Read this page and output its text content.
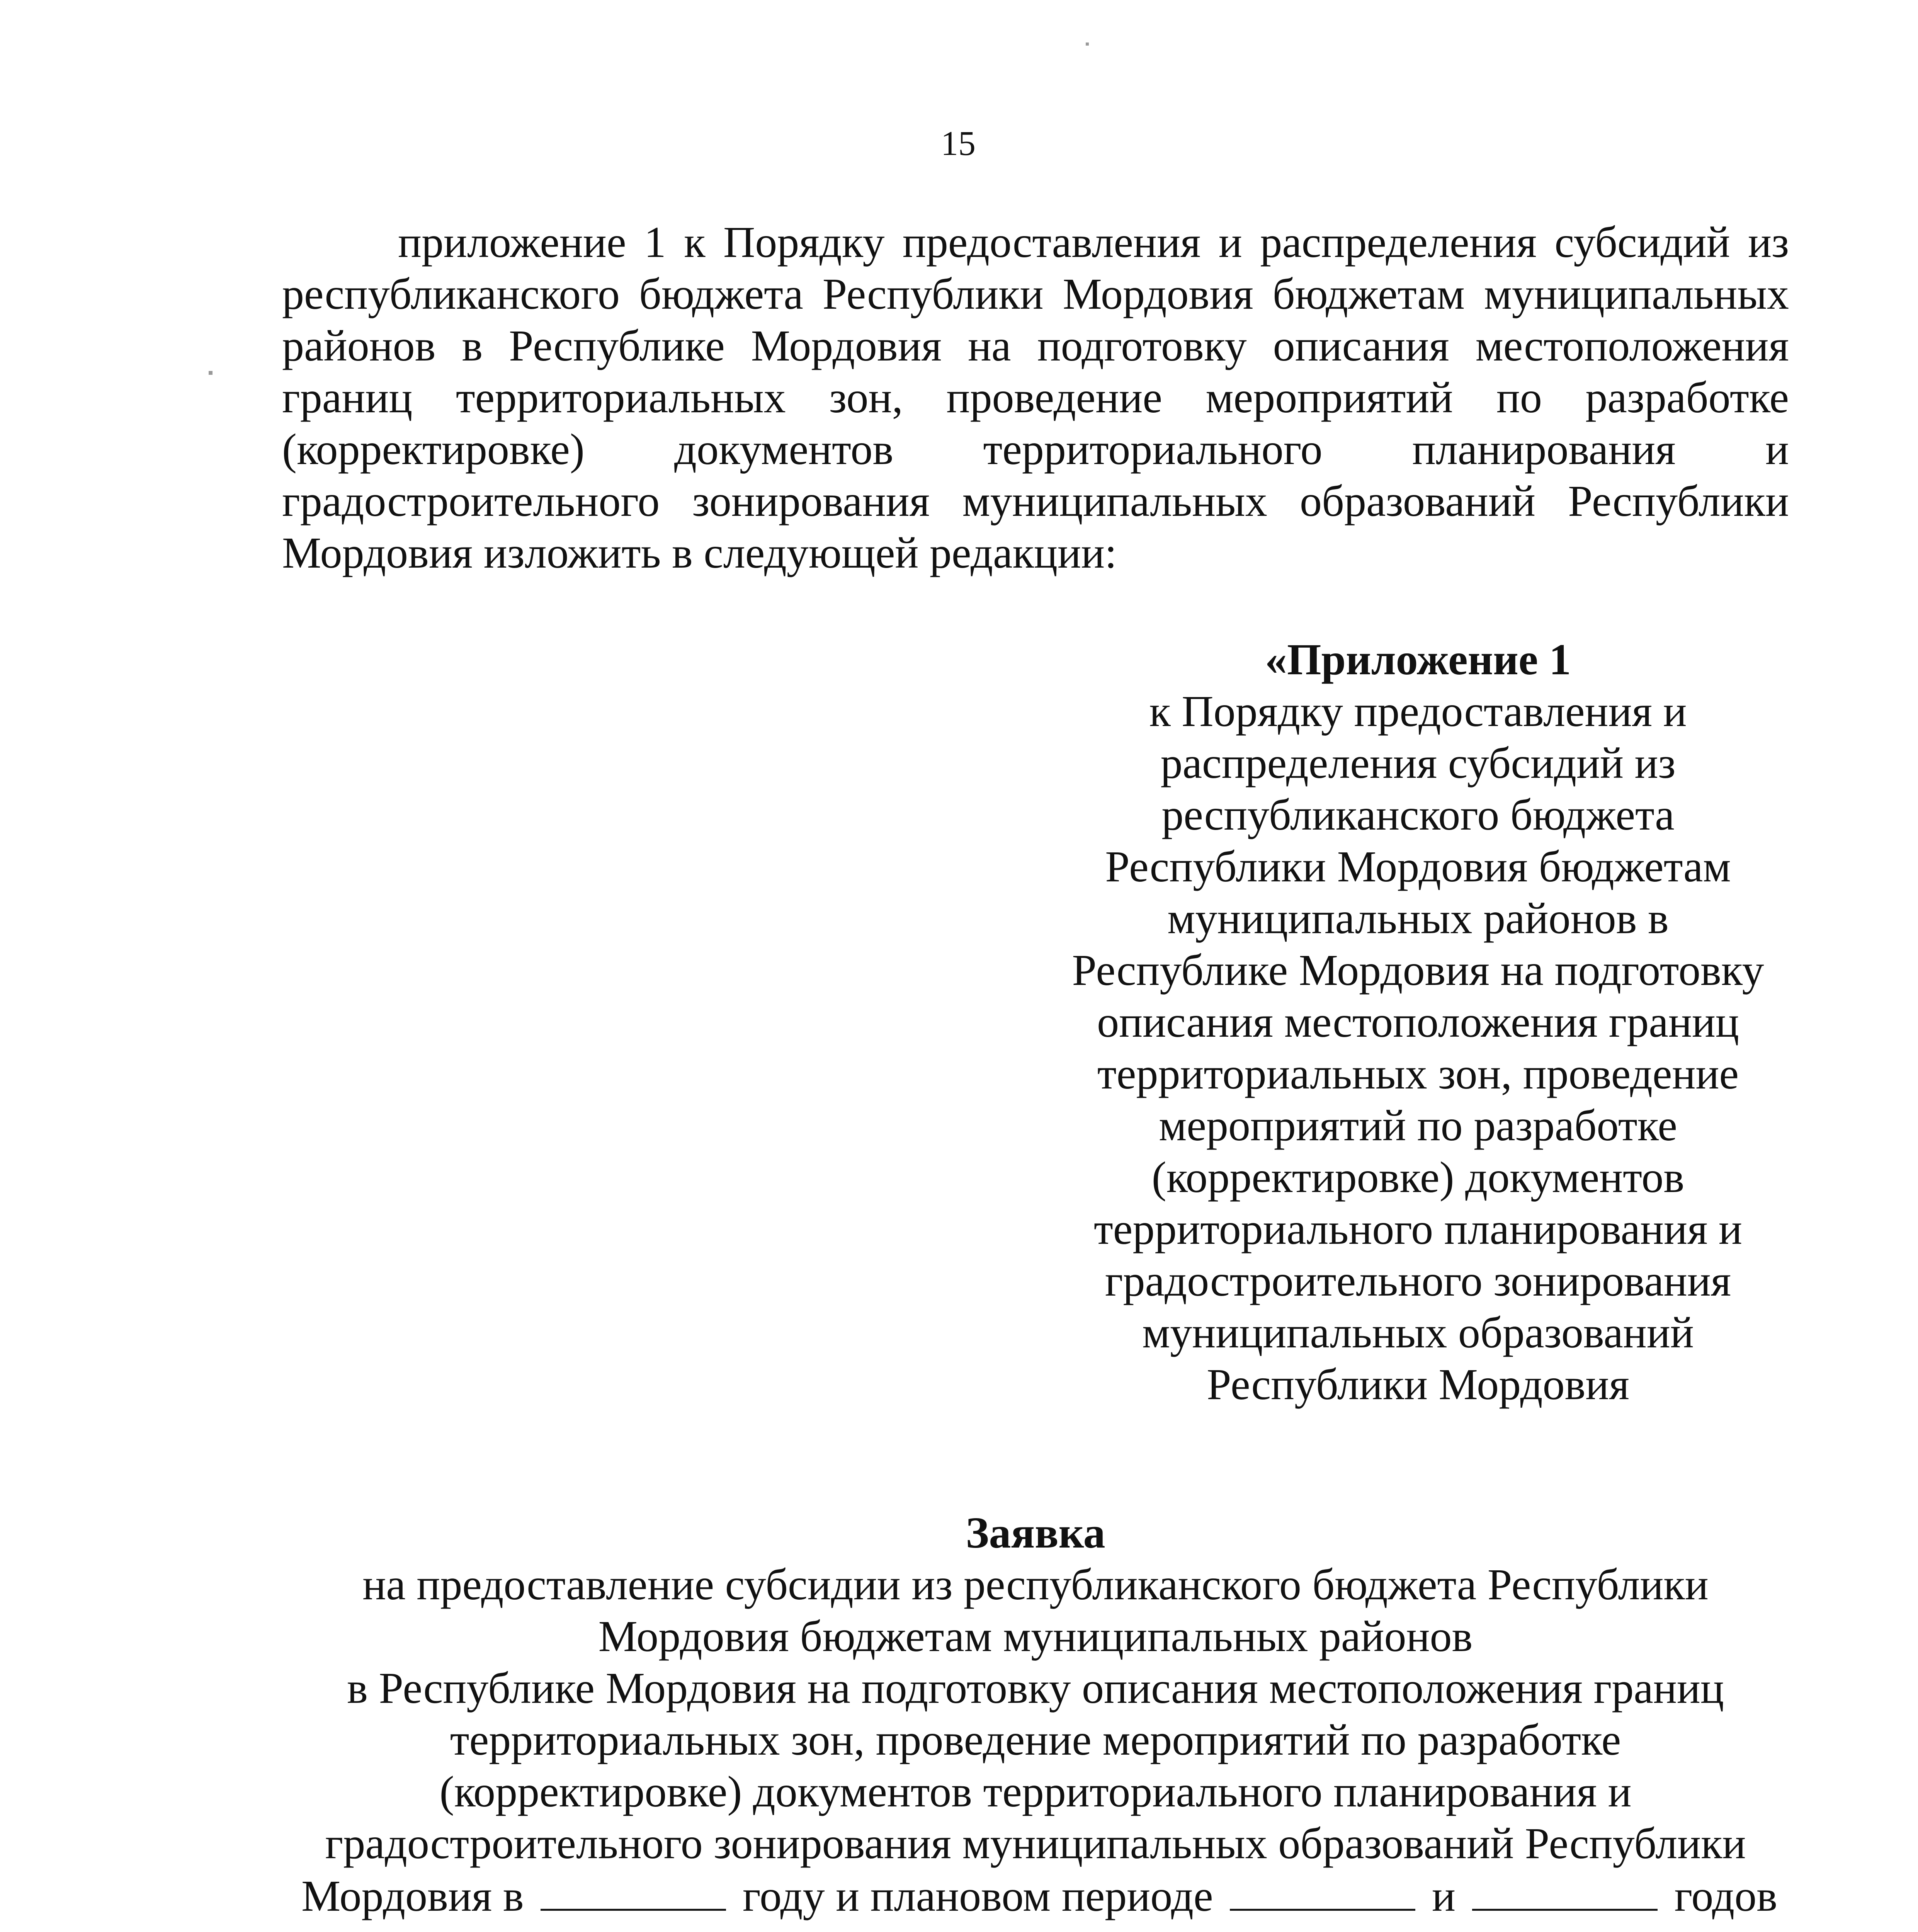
15
приложение 1 к Порядку предоставления и распределения субсидий из республиканского бюджета Республики Мордовия бюджетам муниципальных районов в Республике Мордовия на подготовку описания местоположения границ территориальных зон, проведение мероприятий по разработке (корректировке) документов территориального планирования и градостроительного зонирования муниципальных образований Республики Мордовия изложить в следующей редакции:
«Приложение 1
к Порядку предоставления и
распределения субсидий из
республиканского бюджета
Республики Мордовия бюджетам
муниципальных районов в
Республике Мордовия на подготовку
описания местоположения границ
территориальных зон, проведение
мероприятий по разработке
(корректировке) документов
территориального планирования и
градостроительного зонирования
муниципальных образований
Республики Мордовия
Заявка
на предоставление субсидии из республиканского бюджета Республики
Мордовия бюджетам муниципальных районов
в Республике Мордовия на подготовку описания местоположения границ
территориальных зон, проведение мероприятий по разработке
(корректировке) документов территориального планирования и
градостроительного зонирования муниципальных образований Республики
Мордовия в	году и плановом периоде	и	годов
